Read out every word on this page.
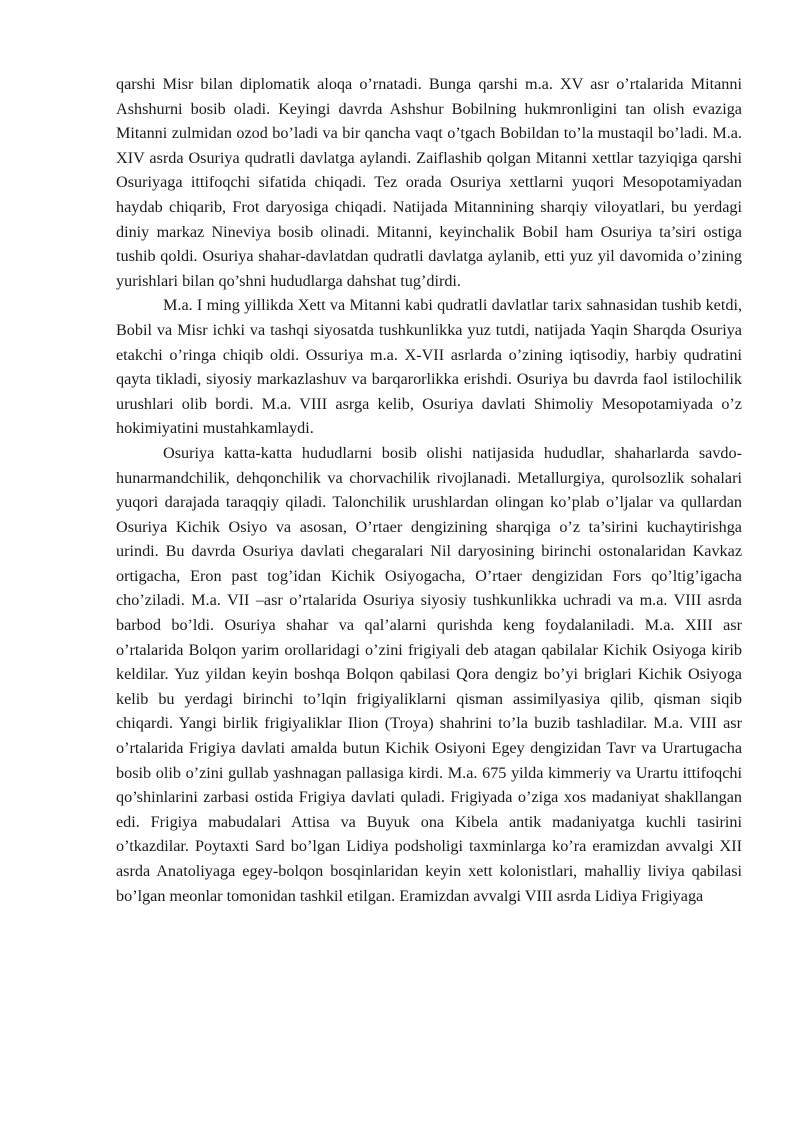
qarshi Misr bilan diplomatik aloqa o’rnatadi. Bunga qarshi m.a. XV asr o’rtalarida Mitanni Ashshurni bosib oladi. Keyingi davrda Ashshur Bobilning hukmronligini tan olish evaziga Mitanni zulmidan ozod bo’ladi va bir qancha vaqt o’tgach Bobildan to’la mustaqil bo’ladi. M.a. XIV asrda Osuriya qudratli davlatga aylandi. Zaiflashib qolgan Mitanni xettlar tazyiqiga qarshi Osuriyaga ittifoqchi sifatida chiqadi. Tez orada Osuriya xettlarni yuqori Mesopotamiyadan haydab chiqarib, Frot daryosiga chiqadi. Natijada Mitannining sharqiy viloyatlari, bu yerdagi diniy markaz Nineviya bosib olinadi. Mitanni, keyinchalik Bobil ham Osuriya ta’siri ostiga tushib qoldi. Osuriya shahar-davlatdan qudratli davlatga aylanib, etti yuz yil davomida o’zining yurishlari bilan qo’shni hududlarga dahshat tug’dirdi.

M.a. I ming yillikda Xett va Mitanni kabi qudratli davlatlar tarix sahnasidan tushib ketdi, Bobil va Misr ichki va tashqi siyosatda tushkunlikka yuz tutdi, natijada Yaqin Sharqda Osuriya etakchi o’ringa chiqib oldi. Ossuriya m.a. X-VII asrlarda o’zining iqtisodiy, harbiy qudratini qayta tikladi, siyosiy markazlashuv va barqarorlikka erishdi. Osuriya bu davrda faol istilochilik urushlari olib bordi. M.a. VIII asrga kelib, Osuriya davlati Shimoliy Mesopotamiyada o’z hokimiyatini mustahkamlaydi.

Osuriya katta-katta hududlarni bosib olishi natijasida hududlar, shaharlarda savdo-hunarmandchilik, dehqonchilik va chorvachilik rivojlanadi. Metallurgiya, qurolsozlik sohalari yuqori darajada taraqqiy qiladi. Talonchilik urushlardan olingan ko’plab o’ljalar va qullardan Osuriya Kichik Osiyo va asosan, O’rtaer dengizining sharqiga o’z ta’sirini kuchaytirishga urindi. Bu davrda Osuriya davlati chegaralari Nil daryosining birinchi ostonalaridan Kavkaz ortigacha, Eron past tog’idan Kichik Osiyogacha, O’rtaer dengizidan Fors qo’ltig’igacha cho’ziladi. M.a. VII –asr o’rtalarida Osuriya siyosiy tushkunlikka uchradi va m.a. VIII asrda barbod bo’ldi. Osuriya shahar va qal’alarni qurishda keng foydalaniladi. M.a. XIII asr o’rtalarida Bolqon yarim orollaridagi o’zini frigiyali deb atagan qabilalar Kichik Osiyoga kirib keldilar. Yuz yildan keyin boshqa Bolqon qabilasi Qora dengiz bo’yi briglari Kichik Osiyoga kelib bu yerdagi birinchi to’lqin frigiyaliklarni qisman assimilyasiya qilib, qisman siqib chiqardi. Yangi birlik frigiyaliklar Ilion (Troya) shahrini to’la buzib tashladilar. M.a. VIII asr o’rtalarida Frigiya davlati amalda butun Kichik Osiyoni Egey dengizidan Tavr va Urartugacha bosib olib o’zini gullab yashnagan pallasiga kirdi. M.a. 675 yilda kimmeriy va Urartu ittifoqchi qo’shinlarini zarbasi ostida Frigiya davlati quladi. Frigiyada o’ziga xos madaniyat shakllangan edi. Frigiya mabudalari Attisa va Buyuk ona Kibela antik madaniyatga kuchli tasirini o’tkazdilar. Poytaxti Sard bo’lgan Lidiya podsholigi taxminlarga ko’ra eramizdan avvalgi XII asrda Anatoliyaga egey-bolqon bosqinlaridan keyin xett kolonistlari, mahalliy liviya qabilasi bo’lgan meonlar tomonidan tashkil etilgan. Eramizdan avvalgi VIII asrda Lidiya Frigiyaga
